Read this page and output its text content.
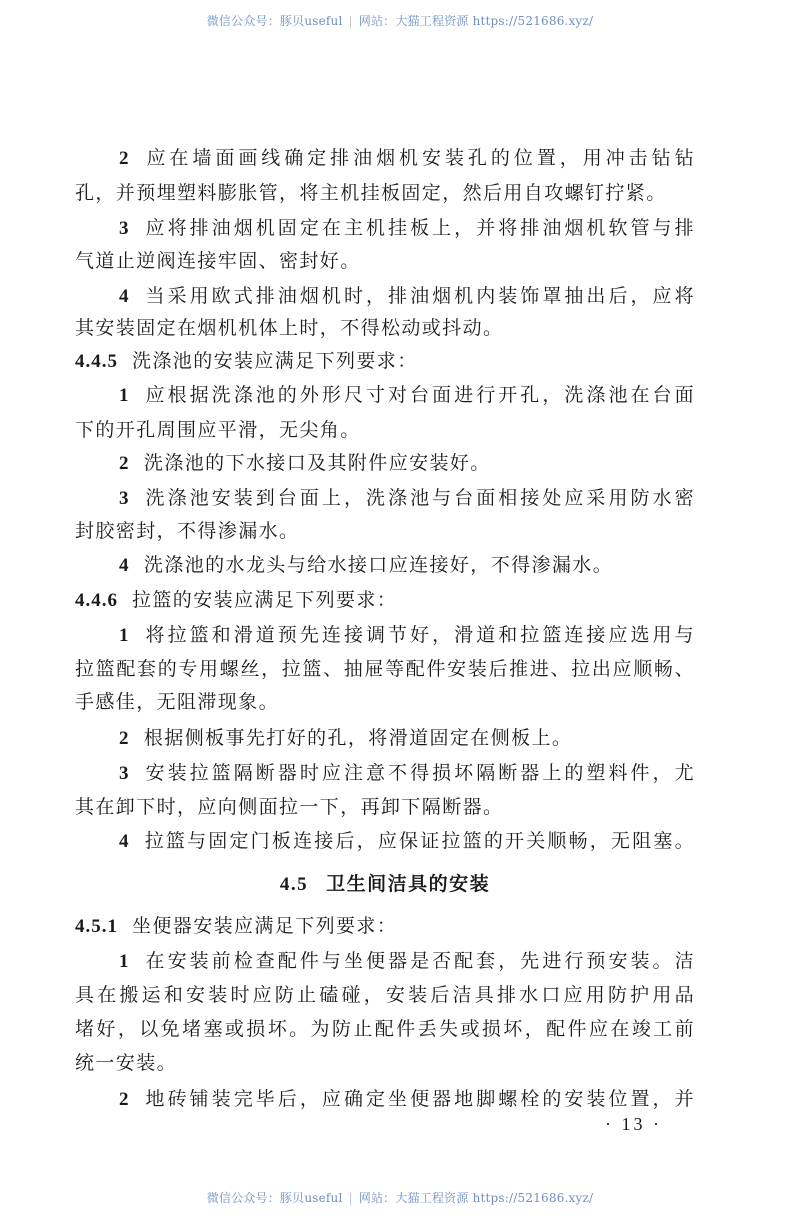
微信公众号：豚贝useful | 网站：大猫工程资源 https://521686.xyz/
2 应在墙面画线确定排油烟机安装孔的位置，用冲击钻钻
孔，并预埋塑料膨胀管，将主机挂板固定，然后用自攻螺钉拧紧。
3 应将排油烟机固定在主机挂板上，并将排油烟机软管与排
气道止逆阀连接牢固、密封好。
4 当采用欧式排油烟机时，排油烟机内装饰罩抽出后，应将
其安装固定在烟机机体上时，不得松动或抖动。
4.4.5 洗涤池的安装应满足下列要求：
1 应根据洗涤池的外形尺寸对台面进行开孔，洗涤池在台面
下的开孔周围应平滑，无尖角。
2 洗涤池的下水接口及其附件应安装好。
3 洗涤池安装到台面上，洗涤池与台面相接处应采用防水密
封胶密封，不得渗漏水。
4 洗涤池的水龙头与给水接口应连接好，不得渗漏水。
4.4.6 拉篮的安装应满足下列要求：
1 将拉篮和滑道预先连接调节好，滑道和拉篮连接应选用与
拉篮配套的专用螺丝，拉篮、抽屉等配件安装后推进、拉出应顺畅、
手感佳，无阻滞现象。
2 根据侧板事先打好的孔，将滑道固定在侧板上。
3 安装拉篮隔断器时应注意不得损坏隔断器上的塑料件，尤
其在卸下时，应向侧面拉一下，再卸下隔断器。
4 拉篮与固定门板连接后，应保证拉篮的开关顺畅，无阻塞。
4.5 卫生间洁具的安装
4.5.1 坐便器安装应满足下列要求：
1 在安装前检查配件与坐便器是否配套，先进行预安装。洁
具在搬运和安装时应防止磕碰，安装后洁具排水口应用防护用品
堵好，以免堵塞或损坏。为防止配件丢失或损坏，配件应在竣工前
统一安装。
2 地砖铺装完毕后，应确定坐便器地脚螺栓的安装位置，并
· 13 ·
微信公众号：豚贝useful | 网站：大猫工程资源 https://521686.xyz/
